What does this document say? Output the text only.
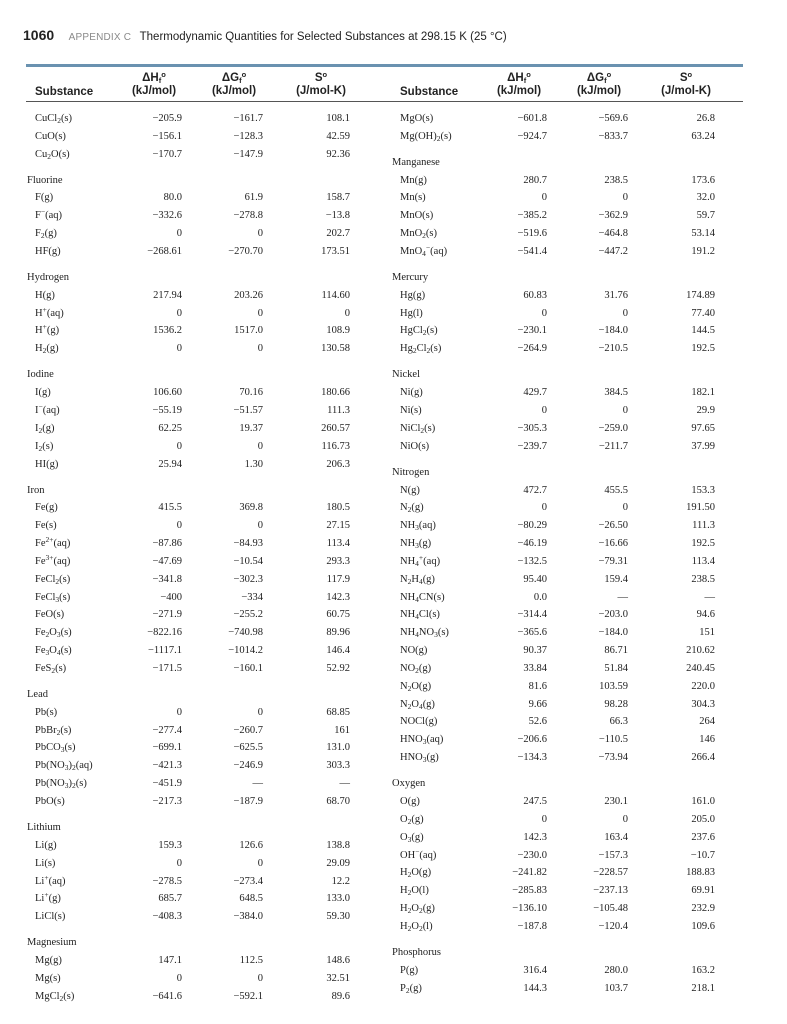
1060 APPENDIX C Thermodynamic Quantities for Selected Substances at 298.15 K (25 °C)
Substance
$\Delta H_f^o$
(kJ/mol)
$\Delta G_f^o$
(kJ/mol)
$S^o$
(J/mol-K)
CuCl$_2$(s)	−205.9	−161.7	108.1
CuO(s)	−156.1	−128.3	42.59
$Cu_2O(s)$	−170.7	−147.9	92.36
Fluorine
F(g)	80.0	61.9	158.7
F−(aq)	−332.6	−278.8	−13.8
$F_2(g)$	0	0	202.7
HF(g)	−268.61	−270.70	173.51
Hydrogen
H(g)	217.94	203.26	114.60
H+(aq)	0	0	0
H+(g)	1536.2	1517.0	108.9
$H_2(g)$	0	0	130.58
Iodine
I(g)	106.60	70.16	180.66
I−(aq)	−55.19	−51.57	111.3
$I_2(g)$	62.25	19.37	260.57
$I_2(s)$	0	0	116.73
HI(g)	25.94	1.30	206.3
Iron
Fe(g)	415.5	369.8	180.5
Fe(s)	0	0	27.15
$Fe^{2+}(aq)$	−87.86	−84.93	113.4
$Fe^{3+}(aq)$	−47.69	−10.54	293.3
FeCl$_2$(s)	−341.8	−302.3	117.9
FeCl$_3$(s)	−400	−334	142.3
FeO(s)	−271.9	−255.2	60.75
$Fe_2O_3(s)$	−822.16	−740.98	89.96
$Fe_3O_4(s)$	−1117.1	−1014.2	146.4
FeS$_2$(s)	−171.5	−160.1	52.92
Lead
Pb(s)	0	0	68.85
PbBr$_2$(s)	−277.4	−260.7	161
PbCO$_3$(s)	−699.1	−625.5	131.0
$Pb(NO_3)_2(aq)$	−421.3	−246.9	303.3
$Pb(NO_3)_2(s)$	−451.9	—	—
PbO(s)	−217.3	−187.9	68.70
Lithium
Li(g)	159.3	126.6	138.8
Li(s)	0	0	29.09
Li+(aq)	−278.5	−273.4	12.2
Li+(g)	685.7	648.5	133.0
LiCl(s)	−408.3	−384.0	59.30
Magnesium
Mg(g)	147.1	112.5	148.6
Mg(s)	0	0	32.51
MgCl$_2$(s)	−641.6	−592.1	89.6
Substance
$\Delta H_f^o$
(kJ/mol)
$\Delta G_f^o$
(kJ/mol)
$S^o$
(J/mol-K)
MgO(s)	−601.8	−569.6	26.8
$Mg(OH)_2(s)$	−924.7	−833.7	63.24
Manganese
Mn(g)	280.7	238.5	173.6
Mn(s)	0	0	32.0
MnO(s)	−385.2	−362.9	59.7
MnO$_2$(s)	−519.6	−464.8	53.14
MnO$_4$−(aq)	−541.4	−447.2	191.2
Mercury
Hg(g)	60.83	31.76	174.89
Hg(l)	0	0	77.40
HgCl$_2$(s)	−230.1	−184.0	144.5
$Hg_2Cl_2(s)$	−264.9	−210.5	192.5
Nickel
Ni(g)	429.7	384.5	182.1
Ni(s)	0	0	29.9
NiCl$_2$(s)	−305.3	−259.0	97.65
NiO(s)	−239.7	−211.7	37.99
Nitrogen
N(g)	472.7	455.5	153.3
$N_2(g)$	0	0	191.50
$NH_3(aq)$	−80.29	−26.50	111.3
$NH_3(g)$	−46.19	−16.66	192.5
$NH_4^+(aq)$	−132.5	−79.31	113.4
$N_2H_4(g)$	95.40	159.4	238.5
$NH_4CN(s)$	0.0	—	—
$NH_4Cl(s)$	−314.4	−203.0	94.6
$NH_4NO_3(s)$	−365.6	−184.0	151
NO(g)	90.37	86.71	210.62
$NO_2(g)$	33.84	51.84	240.45
$N_2O(g)$	81.6	103.59	220.0
$N_2O_4(g)$	9.66	98.28	304.3
NOCl(g)	52.6	66.3	264
$HNO_3(aq)$	−206.6	−110.5	146
$HNO_3(g)$	−134.3	−73.94	266.4
Oxygen
O(g)	247.5	230.1	161.0
$O_2(g)$	0	0	205.0
$O_3(g)$	142.3	163.4	237.6
OH−(aq)	−230.0	−157.3	−10.7
$H_2O(g)$	−241.82	−228.57	188.83
$H_2O(l)$	−285.83	−237.13	69.91
$H_2O_2(g)$	−136.10	−105.48	232.9
$H_2O_2(l)$	−187.8	−120.4	109.6
Phosphorus
P(g)	316.4	280.0	163.2
$P_2(g)$	144.3	103.7	218.1
